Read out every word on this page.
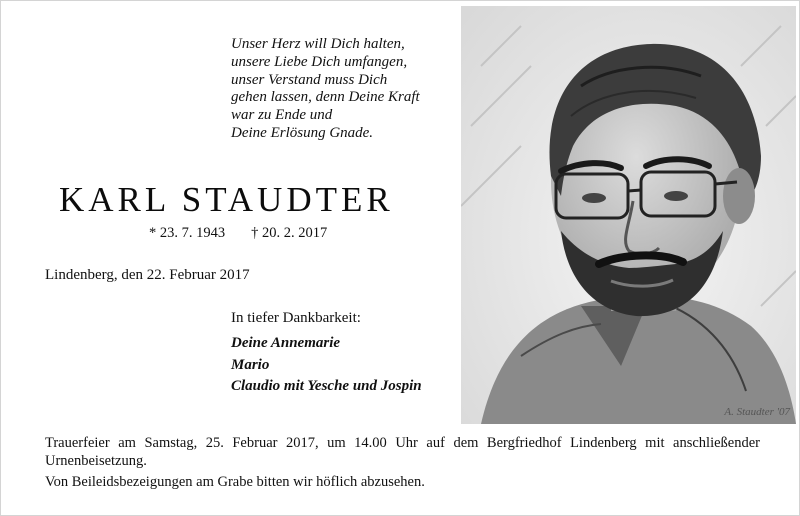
Unser Herz will Dich halten,
unsere Liebe Dich umfangen,
unser Verstand muss Dich
gehen lassen, denn Deine Kraft
war zu Ende und
Deine Erlösung Gnade.
KARL STAUDTER
* 23. 7. 1943 † 20. 2. 2017
Lindenberg, den 22. Februar 2017
In tiefer Dankbarkeit:
Deine Annemarie
Mario
Claudio mit Yesche und Jospin
A. Staudter '07
Trauerfeier am Samstag, 25. Februar 2017, um 14.00 Uhr auf dem Bergfriedhof Lindenberg mit anschließender Urnenbeisetzung.
Von Beileidsbezeigungen am Grabe bitten wir höflich abzusehen.
